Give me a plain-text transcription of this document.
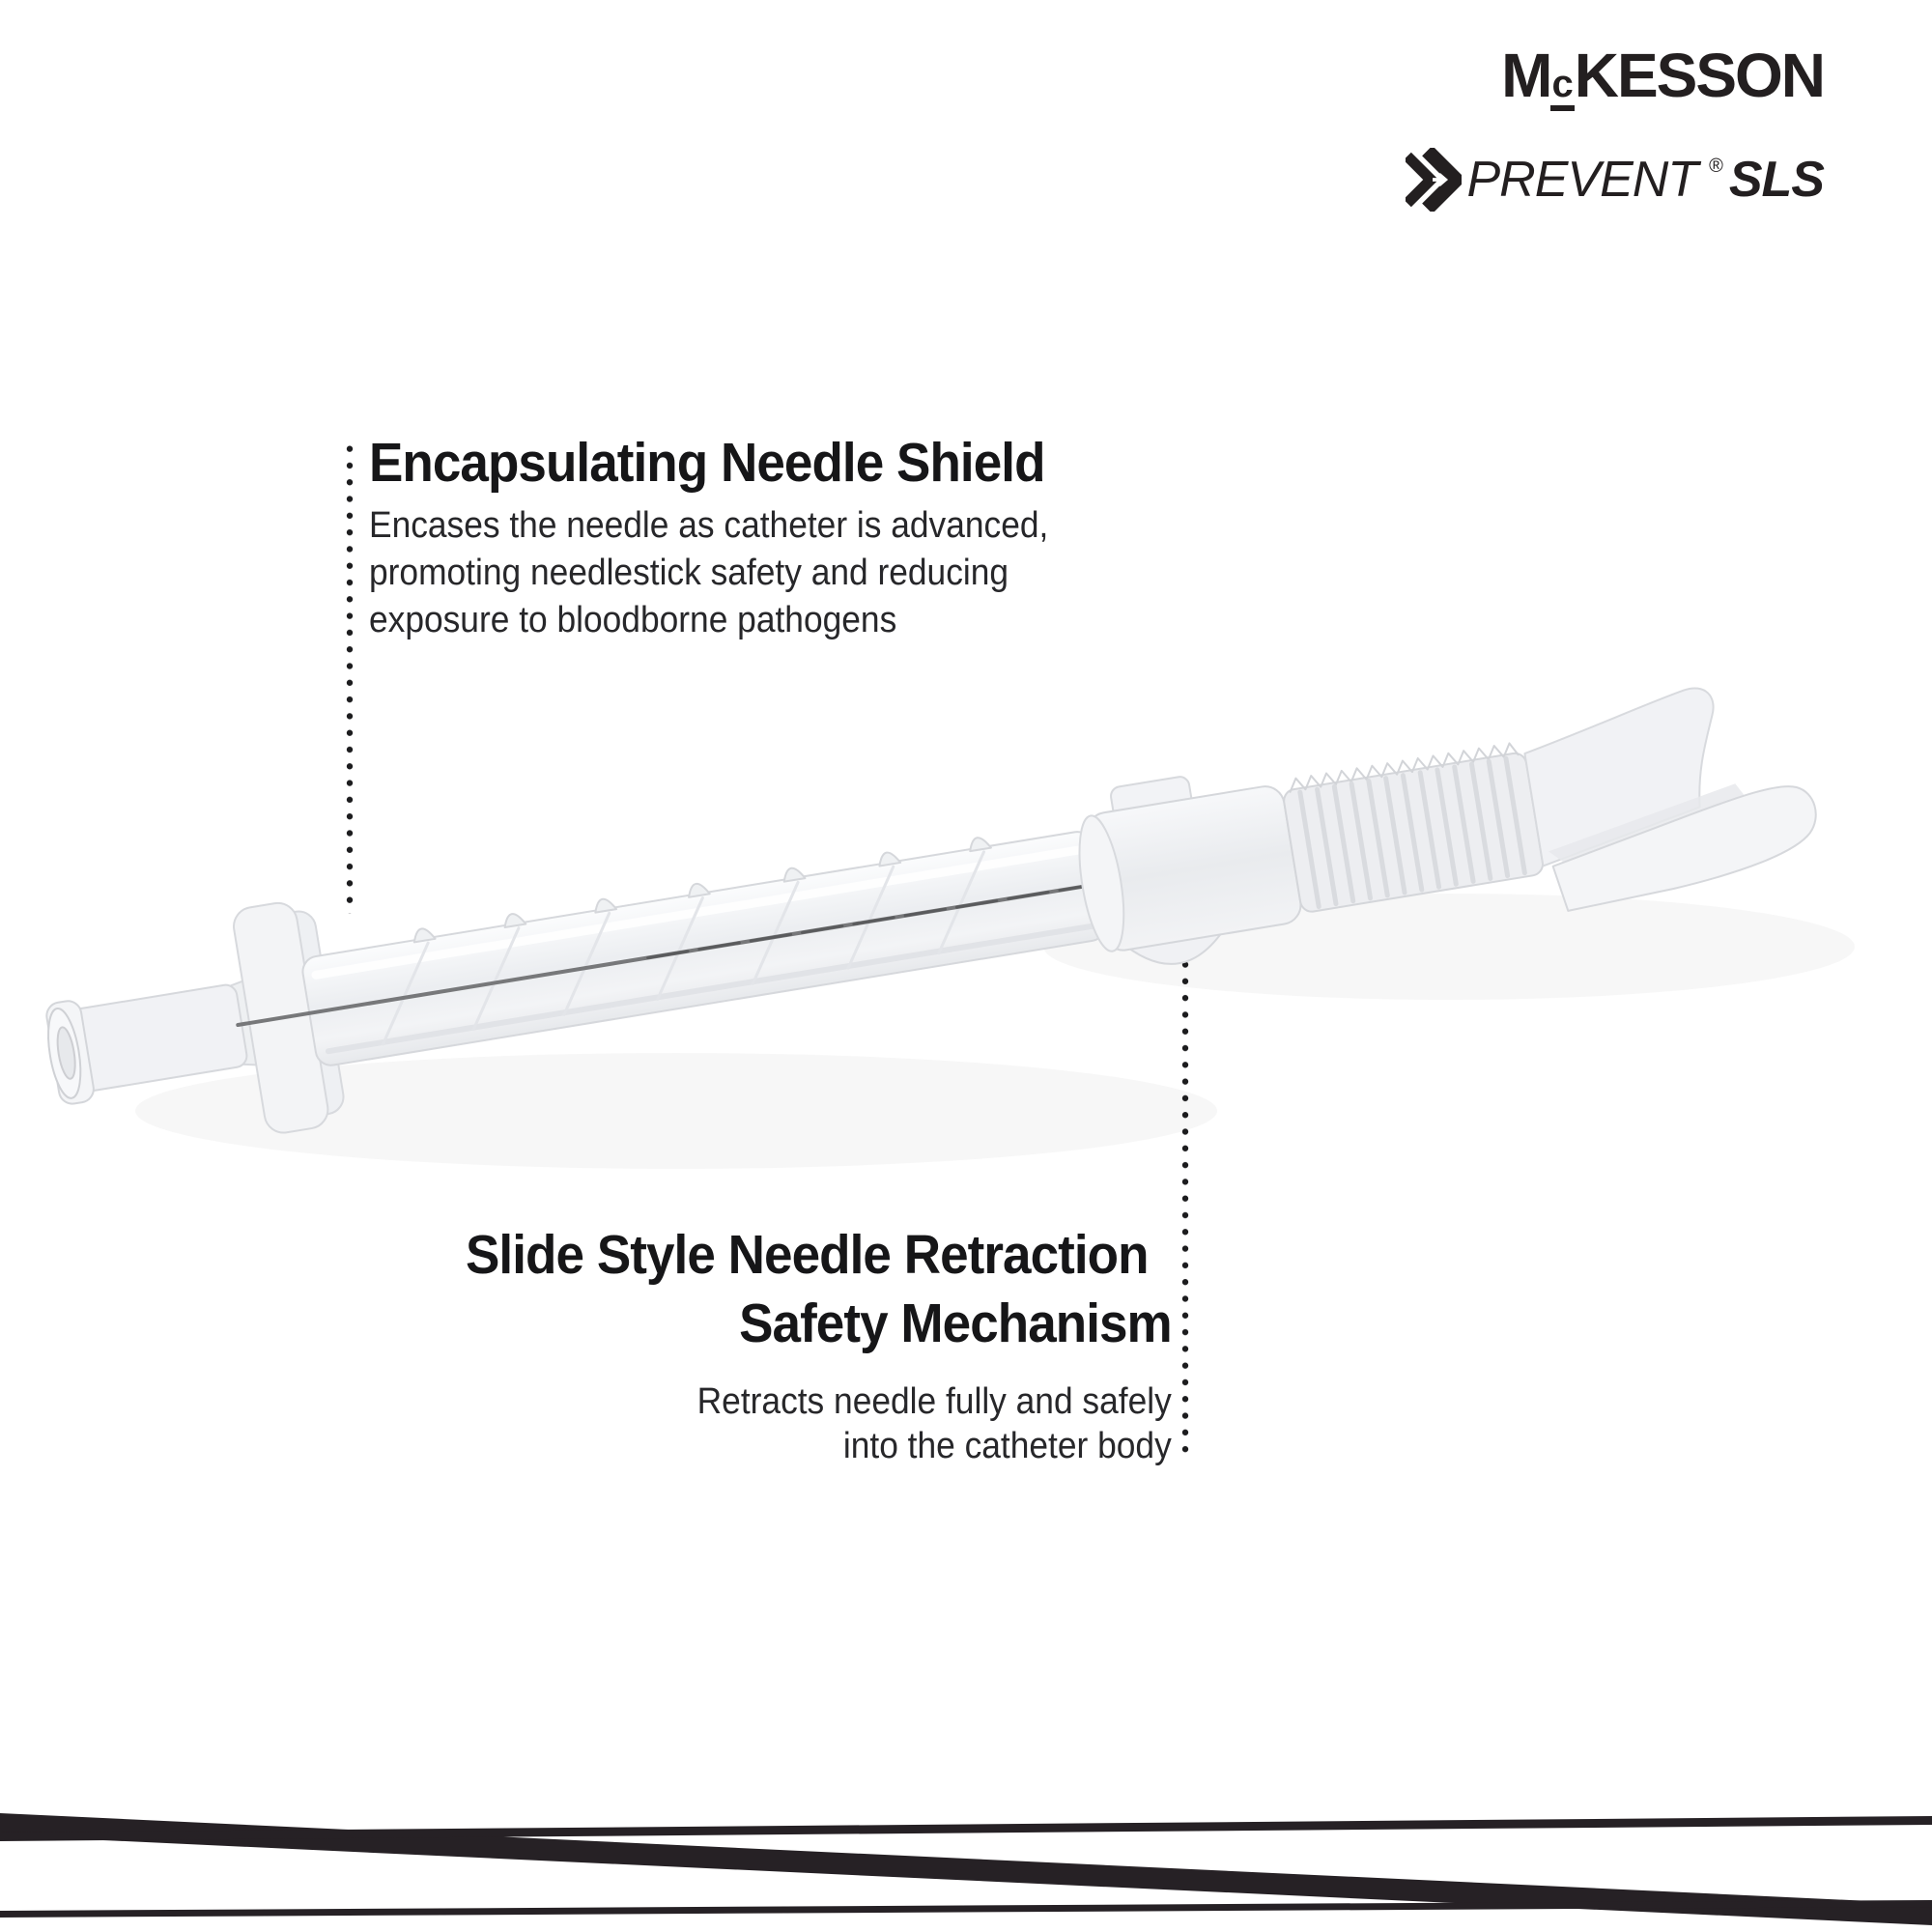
McKESSON
PREVENT ® SLS
Encapsulating Needle Shield
Encases the needle as catheter is advanced,
promoting needlestick safety and reducing
exposure to bloodborne pathogens
Slide Style Needle Retraction
Safety Mechanism
Retracts needle fully and safely
into the catheter body
